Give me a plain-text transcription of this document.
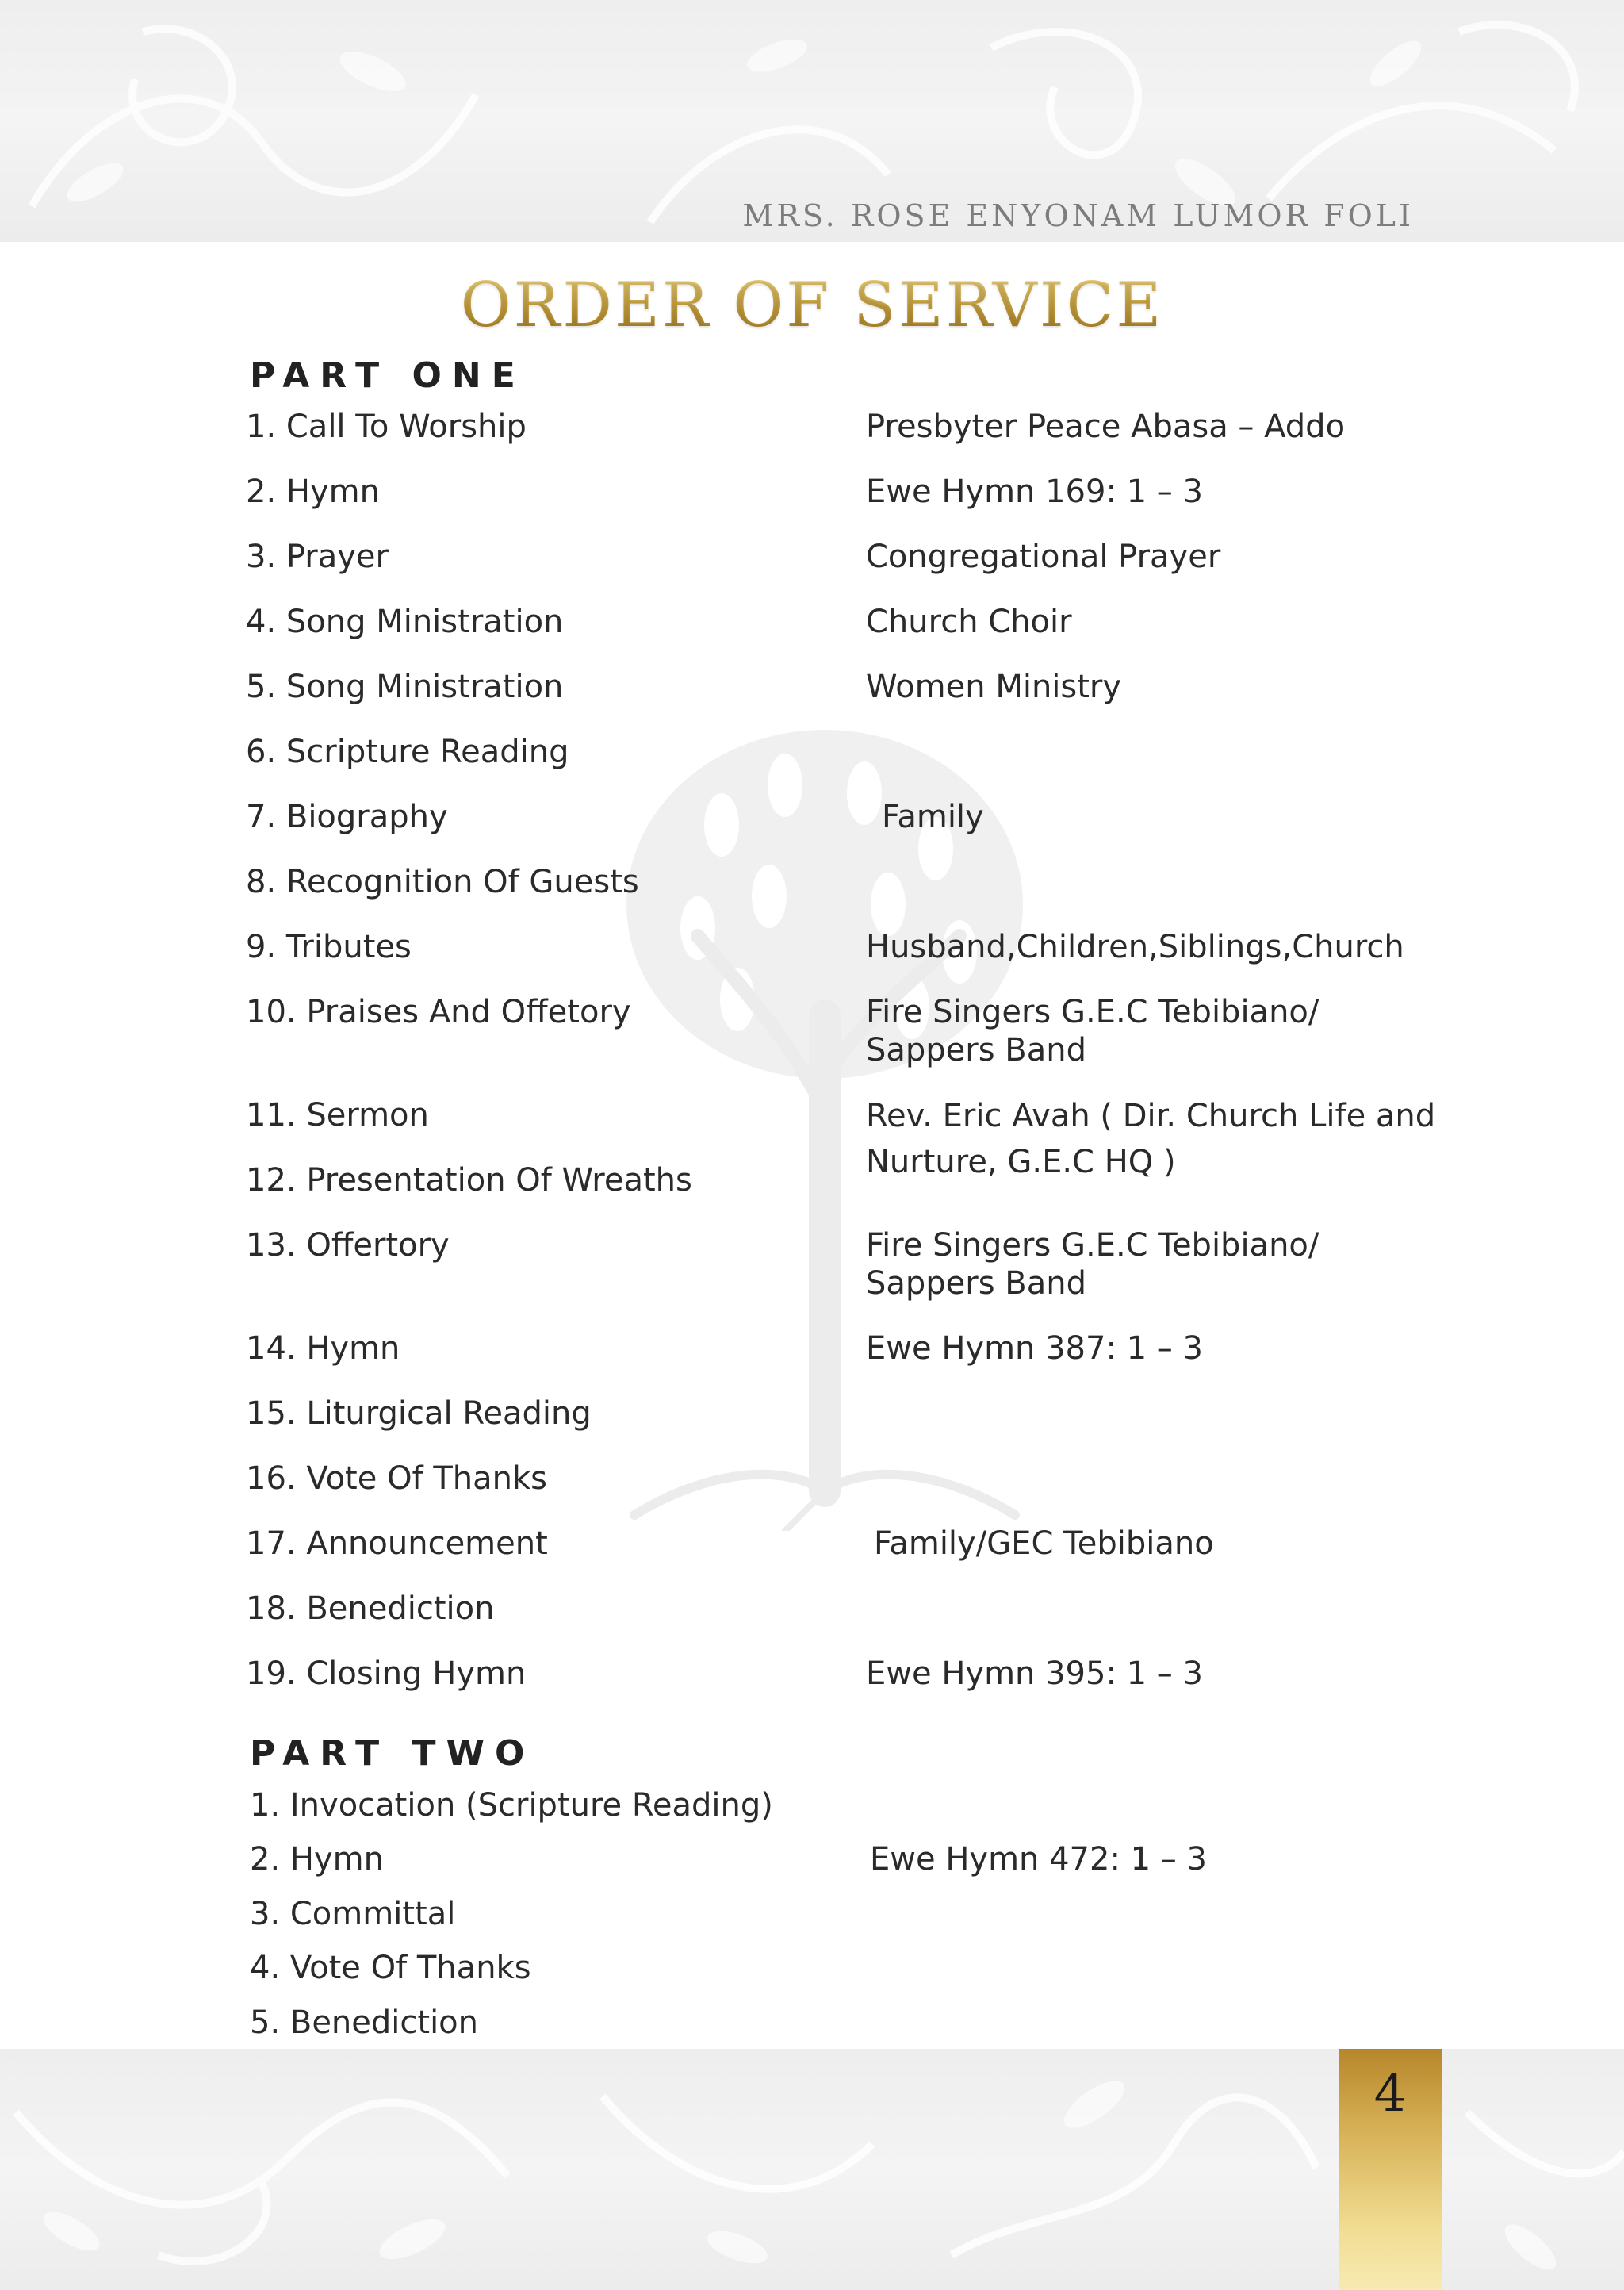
MRS. ROSE ENYONAM LUMOR FOLI
ORDER OF SERVICE
PART ONE
1. Call To Worship	Presbyter Peace Abasa – Addo
2. Hymn	Ewe Hymn 169: 1 – 3
3. Prayer	Congregational Prayer
4. Song Ministration	Church Choir
5. Song Ministration	Women Ministry
6. Scripture Reading
7. Biography	Family
8. Recognition Of Guests
9. Tributes	Husband,Children,Siblings,Church
10. Praises And Offetory	Fire Singers G.E.C Tebibiano/
Sappers Band
11. Sermon	Rev. Eric Avah ( Dir. Church Life and
Nurture, G.E.C HQ )
12. Presentation Of Wreaths
13. Offertory	Fire Singers G.E.C Tebibiano/
Sappers Band
14. Hymn	Ewe Hymn 387: 1 – 3
15. Liturgical Reading
16. Vote Of Thanks
17. Announcement	Family/GEC Tebibiano
18. Benediction
19. Closing Hymn	Ewe Hymn 395: 1 – 3
PART TWO
1. Invocation (Scripture Reading)
2. Hymn	Ewe Hymn 472: 1 – 3
3. Committal
4. Vote Of Thanks
5. Benediction
4
